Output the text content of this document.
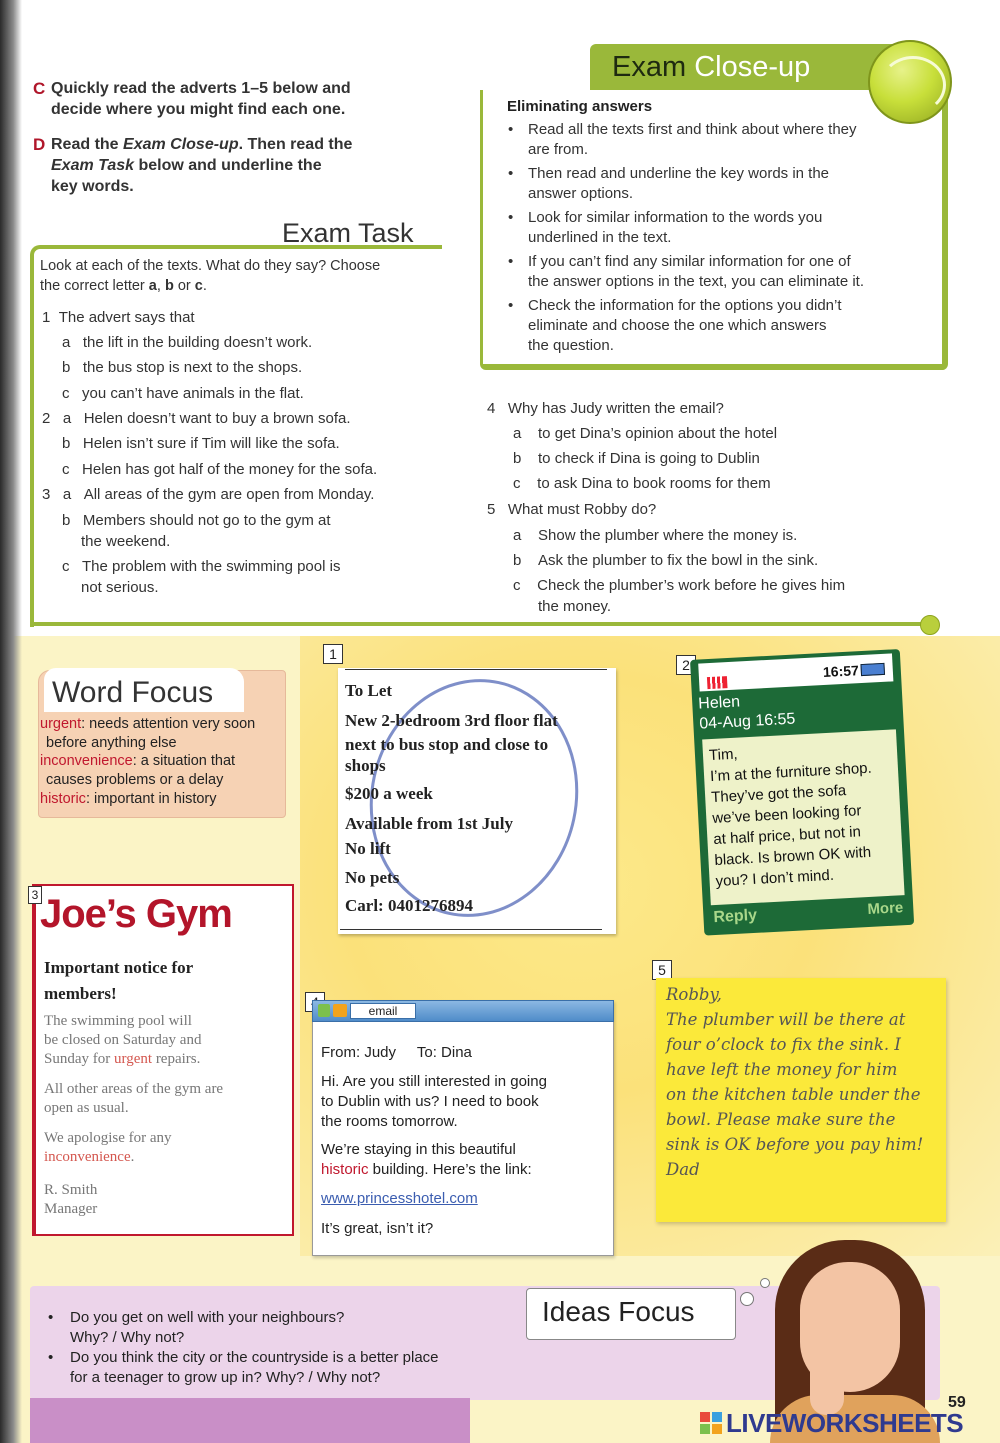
C Quickly read the adverts 1–5 below and
decide where you might find each one.
D Read the Exam Close-up. Then read the
Exam Task below and underline the
key words.
Exam Task
Look at each of the texts. What do they say? Choose
the correct letter a, b or c.
1 The advert says that
a the lift in the building doesn’t work.
b the bus stop is next to the shops.
c you can’t have animals in the flat.
2 a Helen doesn’t want to buy a brown sofa.
b Helen isn’t sure if Tim will like the sofa.
c Helen has got half of the money for the sofa.
3 a All areas of the gym are open from Monday.
b Members should not go to the gym at
the weekend.
c The problem with the swimming pool is
not serious.
4 Why has Judy written the email?
a to get Dina’s opinion about the hotel
b to check if Dina is going to Dublin
c to ask Dina to book rooms for them
5 What must Robby do?
a Show the plumber where the money is.
b Ask the plumber to fix the bowl in the sink.
c Check the plumber’s work before he gives him
the money.
Exam Close-up
Eliminating answers
• Read all the texts first and think about where they
are from.
• Then read and underline the key words in the
answer options.
• Look for similar information to the words you
underlined in the text.
• If you can’t find any similar information for one of
the answer options in the text, you can eliminate it.
• Check the information for the options you didn’t
eliminate and choose the one which answers
the question.
Word Focus
urgent: needs attention very soon
before anything else
inconvenience: a situation that
causes problems or a delay
historic: important in history
1
To Let
New 2-bedroom 3rd floor flat
next to bus stop and close to
shops
$200 a week
Available from 1st July
No lift
No pets
Carl: 0401276894
2	16:57
Helen
04-Aug 16:55
Tim,
I’m at the furniture shop.
They’ve got the sofa
we’ve been looking for
at half price, but not in
black. Is brown OK with
you? I don’t mind.
Reply	More
3 Joe’s Gym
Important notice for
members!
The swimming pool will
be closed on Saturday and
Sunday for urgent repairs.
All other areas of the gym are
open as usual.
We apologise for any
inconvenience.
R. Smith
Manager
email
From: Judy To: Dina
Hi. Are you still interested in going
to Dublin with us? I need to book
the rooms tomorrow.
We’re staying in this beautiful
historic building. Here’s the link:
www.princesshotel.com
It’s great, isn’t it?
5
Robby,
The plumber will be there at
four o’clock to fix the sink. I
have left the money for him
on the kitchen table under the
bowl. Please make sure the
sink is OK before you pay him!
Dad
• Do you get on well with your neighbours?
Why? / Why not?
• Do you think the city or the countryside is a better place
for a teenager to grow up in? Why? / Why not?
Ideas Focus
59
LIVEWORKSHEETS
